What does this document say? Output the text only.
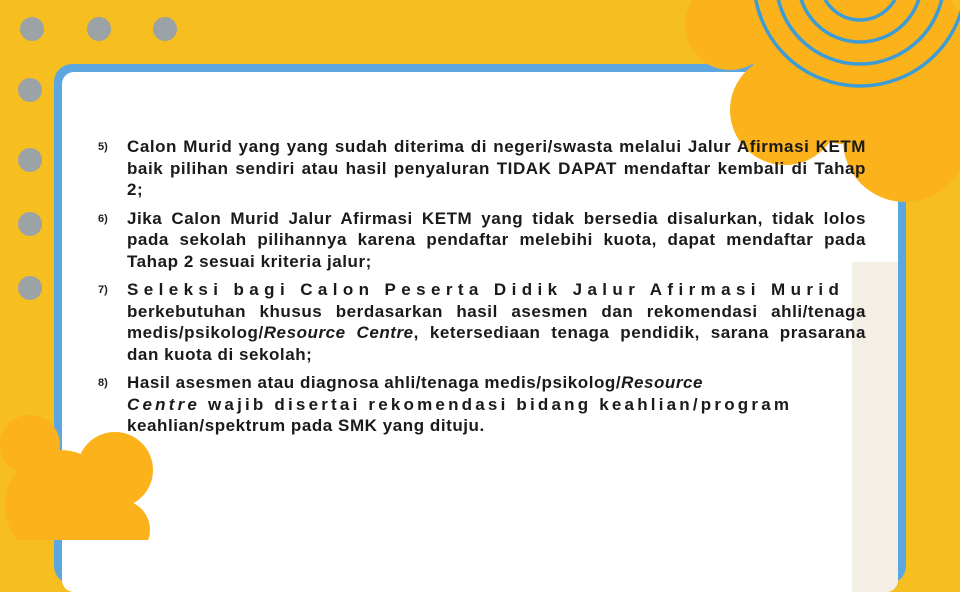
5) Calon Murid yang yang sudah diterima di negeri/swasta melalui Jalur Afirmasi KETM baik pilihan sendiri atau hasil penyaluran TIDAK DAPAT mendaftar kembali di Tahap 2;
6) Jika Calon Murid Jalur Afirmasi KETM yang tidak bersedia disalurkan, tidak lolos pada sekolah pilihannya karena pendaftar melebihi kuota, dapat mendaftar pada Tahap 2 sesuai kriteria jalur;
7) Seleksi bagi Calon Peserta Didik Jalur Afirmasi Murid
berkebutuhan khusus berdasarkan hasil asesmen dan rekomendasi ahli/tenaga medis/psikolog/Resource Centre, ketersediaan tenaga pendidik, sarana prasarana dan kuota di sekolah;
8) Hasil asesmen atau diagnosa ahli/tenaga medis/psikolog/Resource
Centre wajib disertai rekomendasi bidang keahlian/program
keahlian/spektrum pada SMK yang dituju.
